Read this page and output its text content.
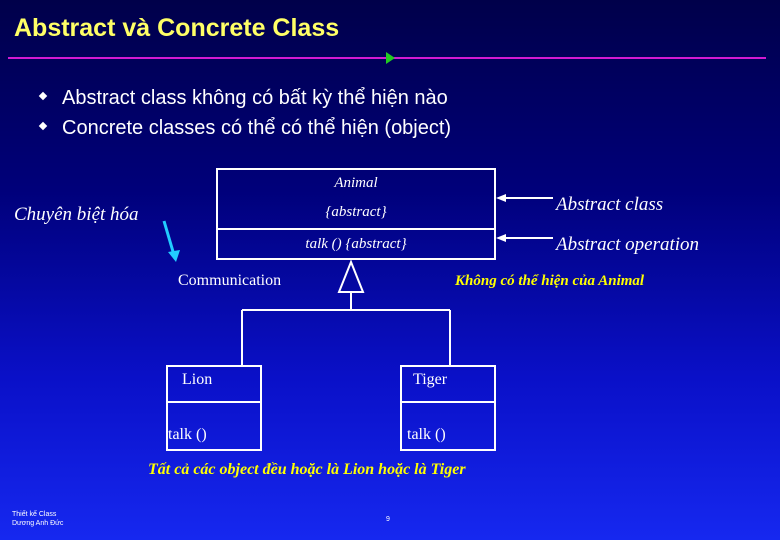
Abstract và Concrete Class
Abstract class không có bất kỳ thể hiện nào
Concrete classes có thể có thể hiện (object)
Animal
{abstract}
talk () {abstract}
Chuyên biệt hóa	Abstract class
Abstract operation
Communication	Không có thể hiện của Animal
Lion
talk ()
Tiger
talk ()
Tất cả các object đều hoặc là Lion hoặc là Tiger
Thiết kế Class
Dương Anh Đức
9
